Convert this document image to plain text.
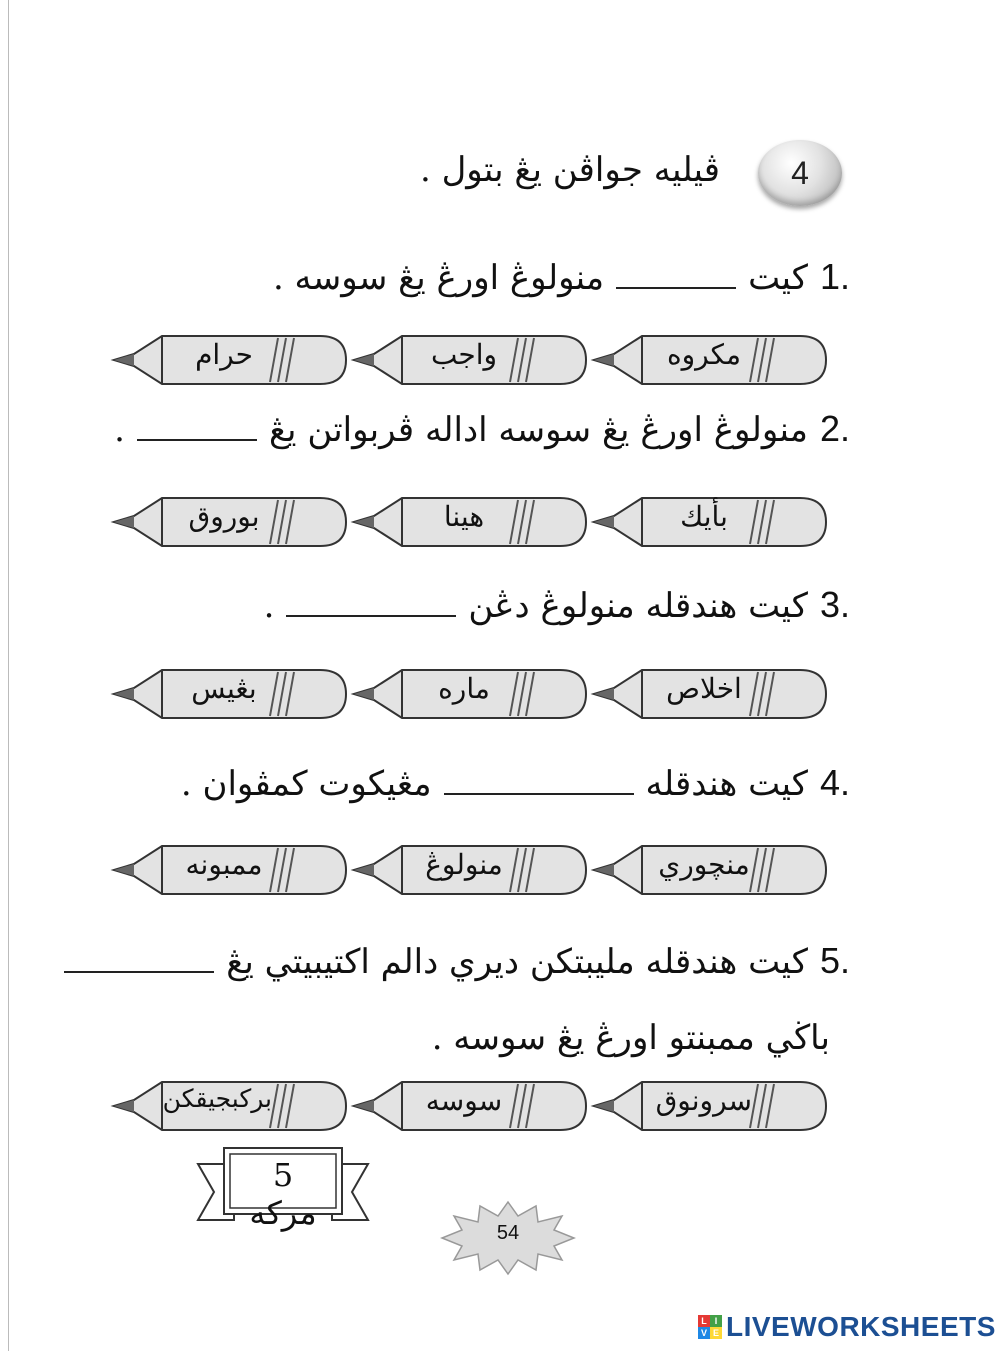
4
ڤيليه جواڤن يڠ بتول .
1.
كيت
منولوڠ اورڠ يڠ سوسه .
مكروه
واجب
حرام
2.
منولوڠ اورڠ يڠ سوسه اداله ڤربواتن يڠ
.
بأيك
هينا
بوروق
3.
كيت هندقله منولوڠ دڠن
.
اخلاص
ماره
بڠيس
4.
كيت هندقله
مڠيكوت كمڤوان .
منچوري
منولوڠ
ممبونه
5.
كيت هندقله مليبتكن ديري دالم اكتيبيتي يڠ
باڬي ممبنتو اورڠ يڠ سوسه .
سرونوق
سوسه
بركبجيقكن
5 مركه
54
L I
V E LIVEWORKSHEETS
